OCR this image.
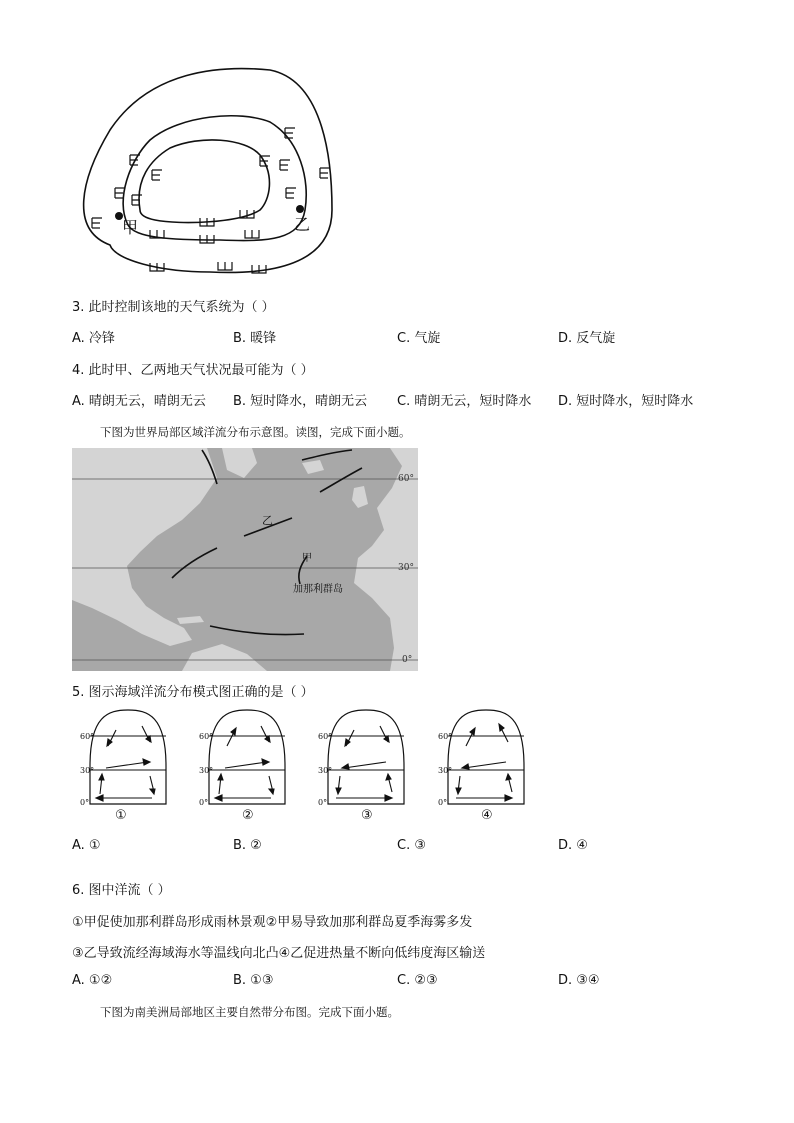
甲	乙
3. 此时控制该地的天气系统为（ ）
A. 冷锋	B. 暖锋	C. 气旋	D. 反气旋
4. 此时甲、乙两地天气状况最可能为（ ）
A. 晴朗无云，晴朗无云 B. 短时降水，晴朗无云 C. 晴朗无云，短时降水 D. 短时降水，短时降水
下图为世界局部区域洋流分布示意图。读图，完成下面小题。
60°
30°
0°
乙
甲
加那利群岛
5. 图示海域洋流分布模式图正确的是（ ）
60°
30°
0°
①
60°
30°
0°
②
60°
30°
0°
③
60°
30°
0°
④
A. ①	B. ②	C. ③	D. ④
6. 图中洋流（ ）
①甲促使加那利群岛形成雨林景观②甲易导致加那利群岛夏季海雾多发
③乙导致流经海域海水等温线向北凸④乙促进热量不断向低纬度海区输送
A. ①②	B. ①③	C. ②③	D. ③④
下图为南美洲局部地区主要自然带分布图。完成下面小题。
